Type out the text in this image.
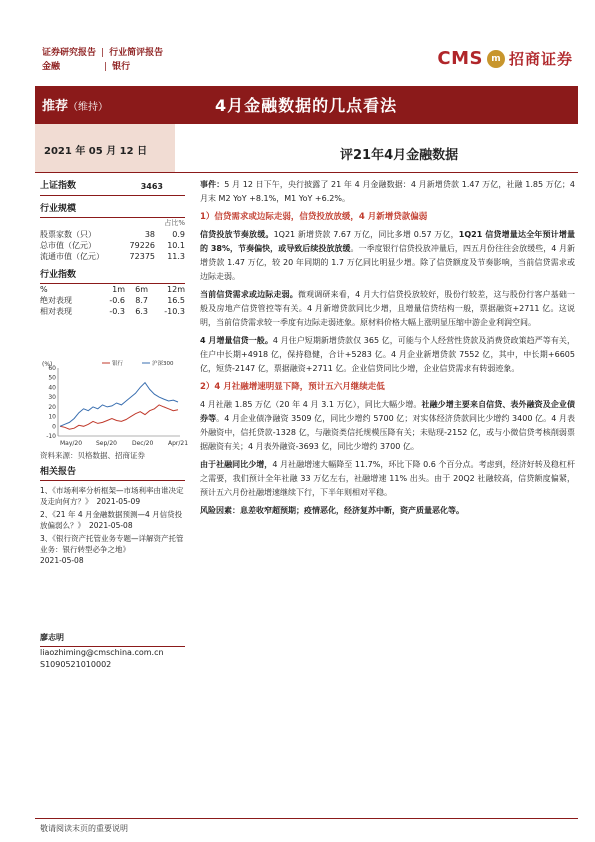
证券研究报告 | 行业简评报告
金融	| 银行	CMS m 招商证券
推荐（维持）	4月金融数据的几点看法
2021 年 05 月 12 日	评21年4月金融数据
上证指数	3463
行业规模
占比%
股票家数（只）	38	0.9
总市值（亿元）	79226	10.1
流通市值（亿元）	72375	11.3
行业指数
%	1m	6m	12m
绝对表现	-0.6	8.7	16.5
相对表现	-0.3	6.3	-10.3
-10
0
10
20
30
40
50
60
(%)
May/20 Sep/20	Dec/20 Apr/21
银行	沪深300
资料来源：贝格数据、招商证券
相关报告
1、《市场利率分析框架—市场利率由谁决定及走向何方？》 2021-05-09
2、《21 年 4 月金融数据预测—4 月信贷投放偏弱么？》 2021-05-08
3、《银行资产托管业务专题—详解资产托管业务：银行转型必争之地》
2021-05-08
廖志明
liaozhiming@cmschina.com.cn
S1090521010002

事件：5 月 12 日下午，央行披露了 21 年 4 月金融数据：4 月新增贷款 1.47 万亿，社融 1.85 万亿；4 月末 M2 YoY +8.1%，M1 YoY +6.2%。

1）信贷需求或边际走弱，信贷投放放缓，4 月新增贷款偏弱

信贷投放节奏放缓。1Q21 新增贷款 7.67 万亿，同比多增 0.57 万亿，1Q21 信贷增量达全年预计增量的 38%，节奏偏快，或导致后续投放放缓。一季度银行信贷投放冲量后，四五月份往往会放缓些，4 月新增贷款 1.47 万亿，较 20 年同期的 1.7 万亿同比明显少增。除了信贷额度及节奏影响，当前信贷需求或边际走弱。

当前信贷需求或边际走弱。微观调研来看，4 月大行信贷投放较好，股份行较差，这与股份行客户基础一般及房地产信贷管控等有关。4 月新增贷款同比少增，且增量信贷结构一般，票据融资+2711 亿。这说明，当前信贷需求较一季度有边际走弱迹象。原材料价格大幅上涨明显压缩中游企业利润空间。

4 月增量信贷一般。4 月住户短期新增贷款仅 365 亿，可能与个人经营性贷款及消费贷政策趋严等有关，住户中长期+4918 亿，保持稳健，合计+5283 亿。4 月企业新增贷款 7552 亿，其中，中长期+6605 亿，短贷-2147 亿，票据融资+2711 亿。企业信贷同比少增，企业信贷需求有转弱迹象。

2）4 月社融增速明显下降，预计五六月继续走低

4 月社融 1.85 万亿（20 年 4 月 3.1 万亿），同比大幅少增。社融少增主要来自信贷、表外融资及企业债券等。4 月企业债净融资 3509 亿，同比少增约 5700 亿；对实体经济贷款同比少增约 3400 亿。4 月表外融资中，信托贷款-1328 亿，与融资类信托规模压降有关；未贴现-2152 亿，或与小微信贷考核削弱票据融资有关；4 月表外融资-3693 亿，同比少增约 3700 亿。

由于社融同比少增，4 月社融增速大幅降至 11.7%，环比下降 0.6 个百分点。考虑到，经济好转及稳杠杆之需要，我们预计全年社融 33 万亿左右，社融增速 11% 出头。由于 20Q2 社融较高，信贷额度偏紧，预计五六月份社融增速继续下行，下半年则相对平稳。

风险因素：息差收窄超预期；疫情恶化，经济复苏中断，资产质量恶化等。

敬请阅读末页的重要说明
